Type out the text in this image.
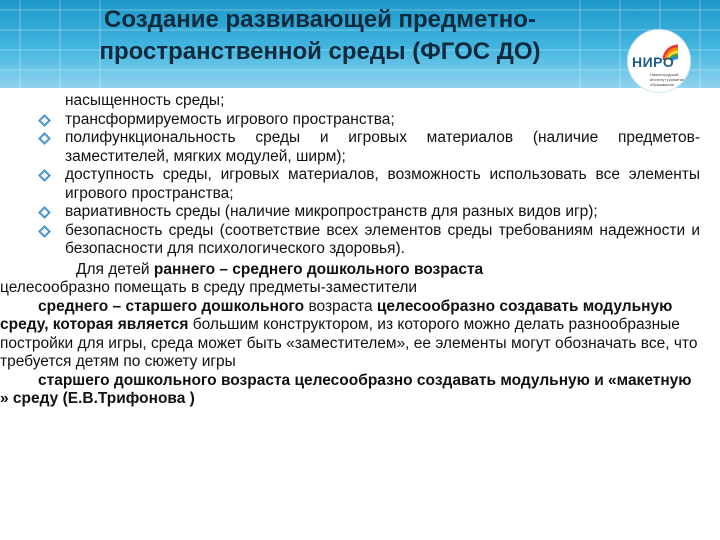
Создание развивающей предметно-
пространственной среды (ФГОС ДО)	НИРО
Нижегородский институт развития образования

насыщенность среды;

трансформируемость игрового пространства;
полифункциональность среды и игровых материалов (наличие предметов-заместителей, мягких модулей, ширм);
доступность среды, игровых материалов, возможность использовать все элементы игрового пространства;
вариативность среды (наличие микропространств для разных видов игр);
безопасность среды (соответствие всех элементов среды требованиям надежности и безопасности для психологического здоровья).

Для детей раннего – среднего дошкольного возраста
целесообразно помещать в среду предметы-заместители

среднего – старшего дошкольного возраста целесообразно создавать модульную среду, которая является большим конструктором, из которого можно делать разнообразные постройки для игры, среда может быть «заместителем», ее элементы могут обозначать все, что требуется детям по сюжету игры

старшего дошкольного возраста целесообразно создавать модульную и «макетную » среду (Е.В.Трифонова )
